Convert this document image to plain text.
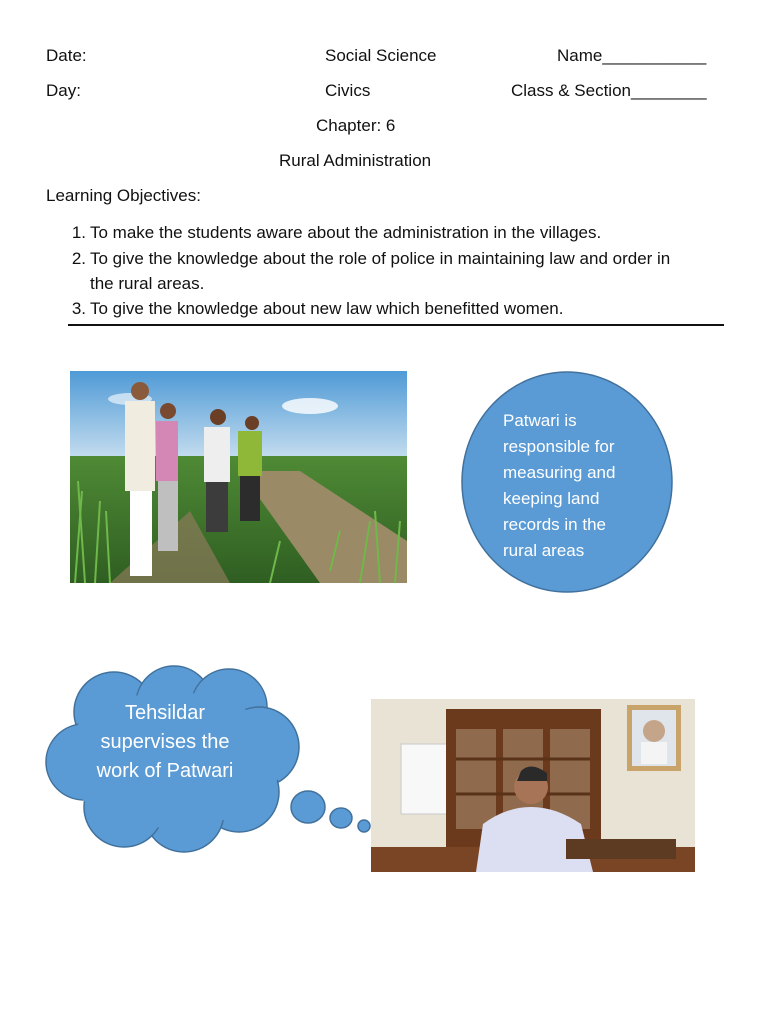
Date:
Day:
Social Science
Civics
Name___________
Class & Section________
Chapter: 6
Rural Administration
Learning Objectives:
1. To make the students aware about the administration in the villages.
2. To give the knowledge about the role of police in maintaining law and order in the rural areas.
3. To give the knowledge about new law which benefitted women.
Patwari is responsible for measuring and keeping land records in the rural areas
Tehsildar supervises the work of Patwari
